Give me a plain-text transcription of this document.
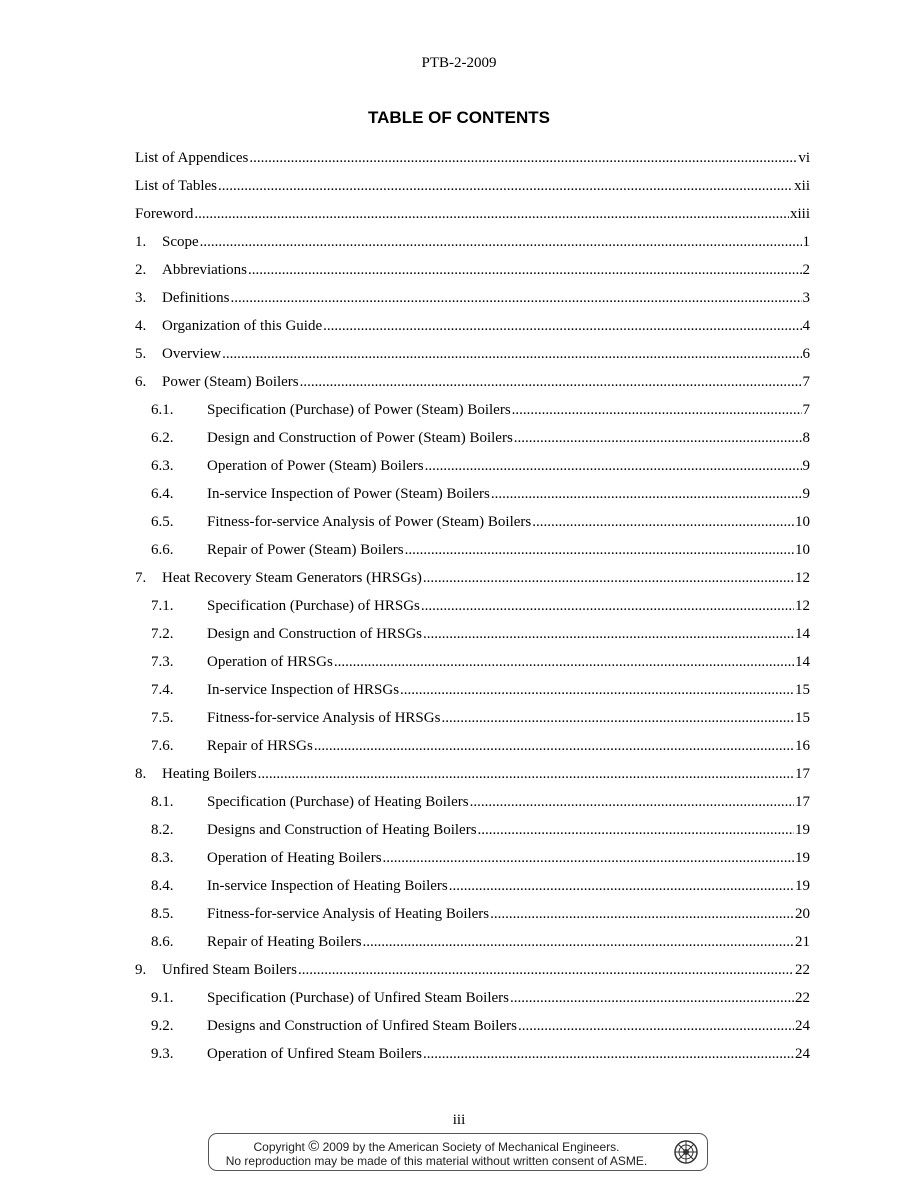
PTB-2-2009
TABLE OF CONTENTS
List of Appendices .....	vi
List of Tables .....	xii
Foreword .....	xiii
1.	Scope .....	1
2.	Abbreviations .....	2
3.	Definitions .....	3
4.	Organization of this Guide .....	4
5.	Overview .....	6
6.	Power (Steam) Boilers .....	7
6.1.	Specification (Purchase) of Power (Steam) Boilers .....	7
6.2.	Design and Construction of Power (Steam) Boilers .....	8
6.3.	Operation of Power (Steam) Boilers .....	9
6.4.	In-service Inspection of Power (Steam) Boilers .....	9
6.5.	Fitness-for-service Analysis of Power (Steam) Boilers .....	10
6.6.	Repair of Power (Steam) Boilers .....	10
7.	Heat Recovery Steam Generators (HRSGs) .....	12
7.1.	Specification (Purchase) of HRSGs .....	12
7.2.	Design and Construction of HRSGs .....	14
7.3.	Operation of HRSGs .....	14
7.4.	In-service Inspection of HRSGs .....	15
7.5.	Fitness-for-service Analysis of HRSGs .....	15
7.6.	Repair of HRSGs .....	16
8.	Heating Boilers .....	17
8.1.	Specification (Purchase) of Heating Boilers .....	17
8.2.	Designs and Construction of Heating Boilers .....	19
8.3.	Operation of Heating Boilers .....	19
8.4.	In-service Inspection of Heating Boilers .....	19
8.5.	Fitness-for-service Analysis of Heating Boilers .....	20
8.6.	Repair of Heating Boilers .....	21
9.	Unfired Steam Boilers .....	22
9.1.	Specification (Purchase) of Unfired Steam Boilers .....	22
9.2.	Designs and Construction of Unfired Steam Boilers .....	24
9.3.	Operation of Unfired Steam Boilers .....	24
iii
Copyright © 2009 by the American Society of Mechanical Engineers.
No reproduction may be made of this material without written consent of ASME.
